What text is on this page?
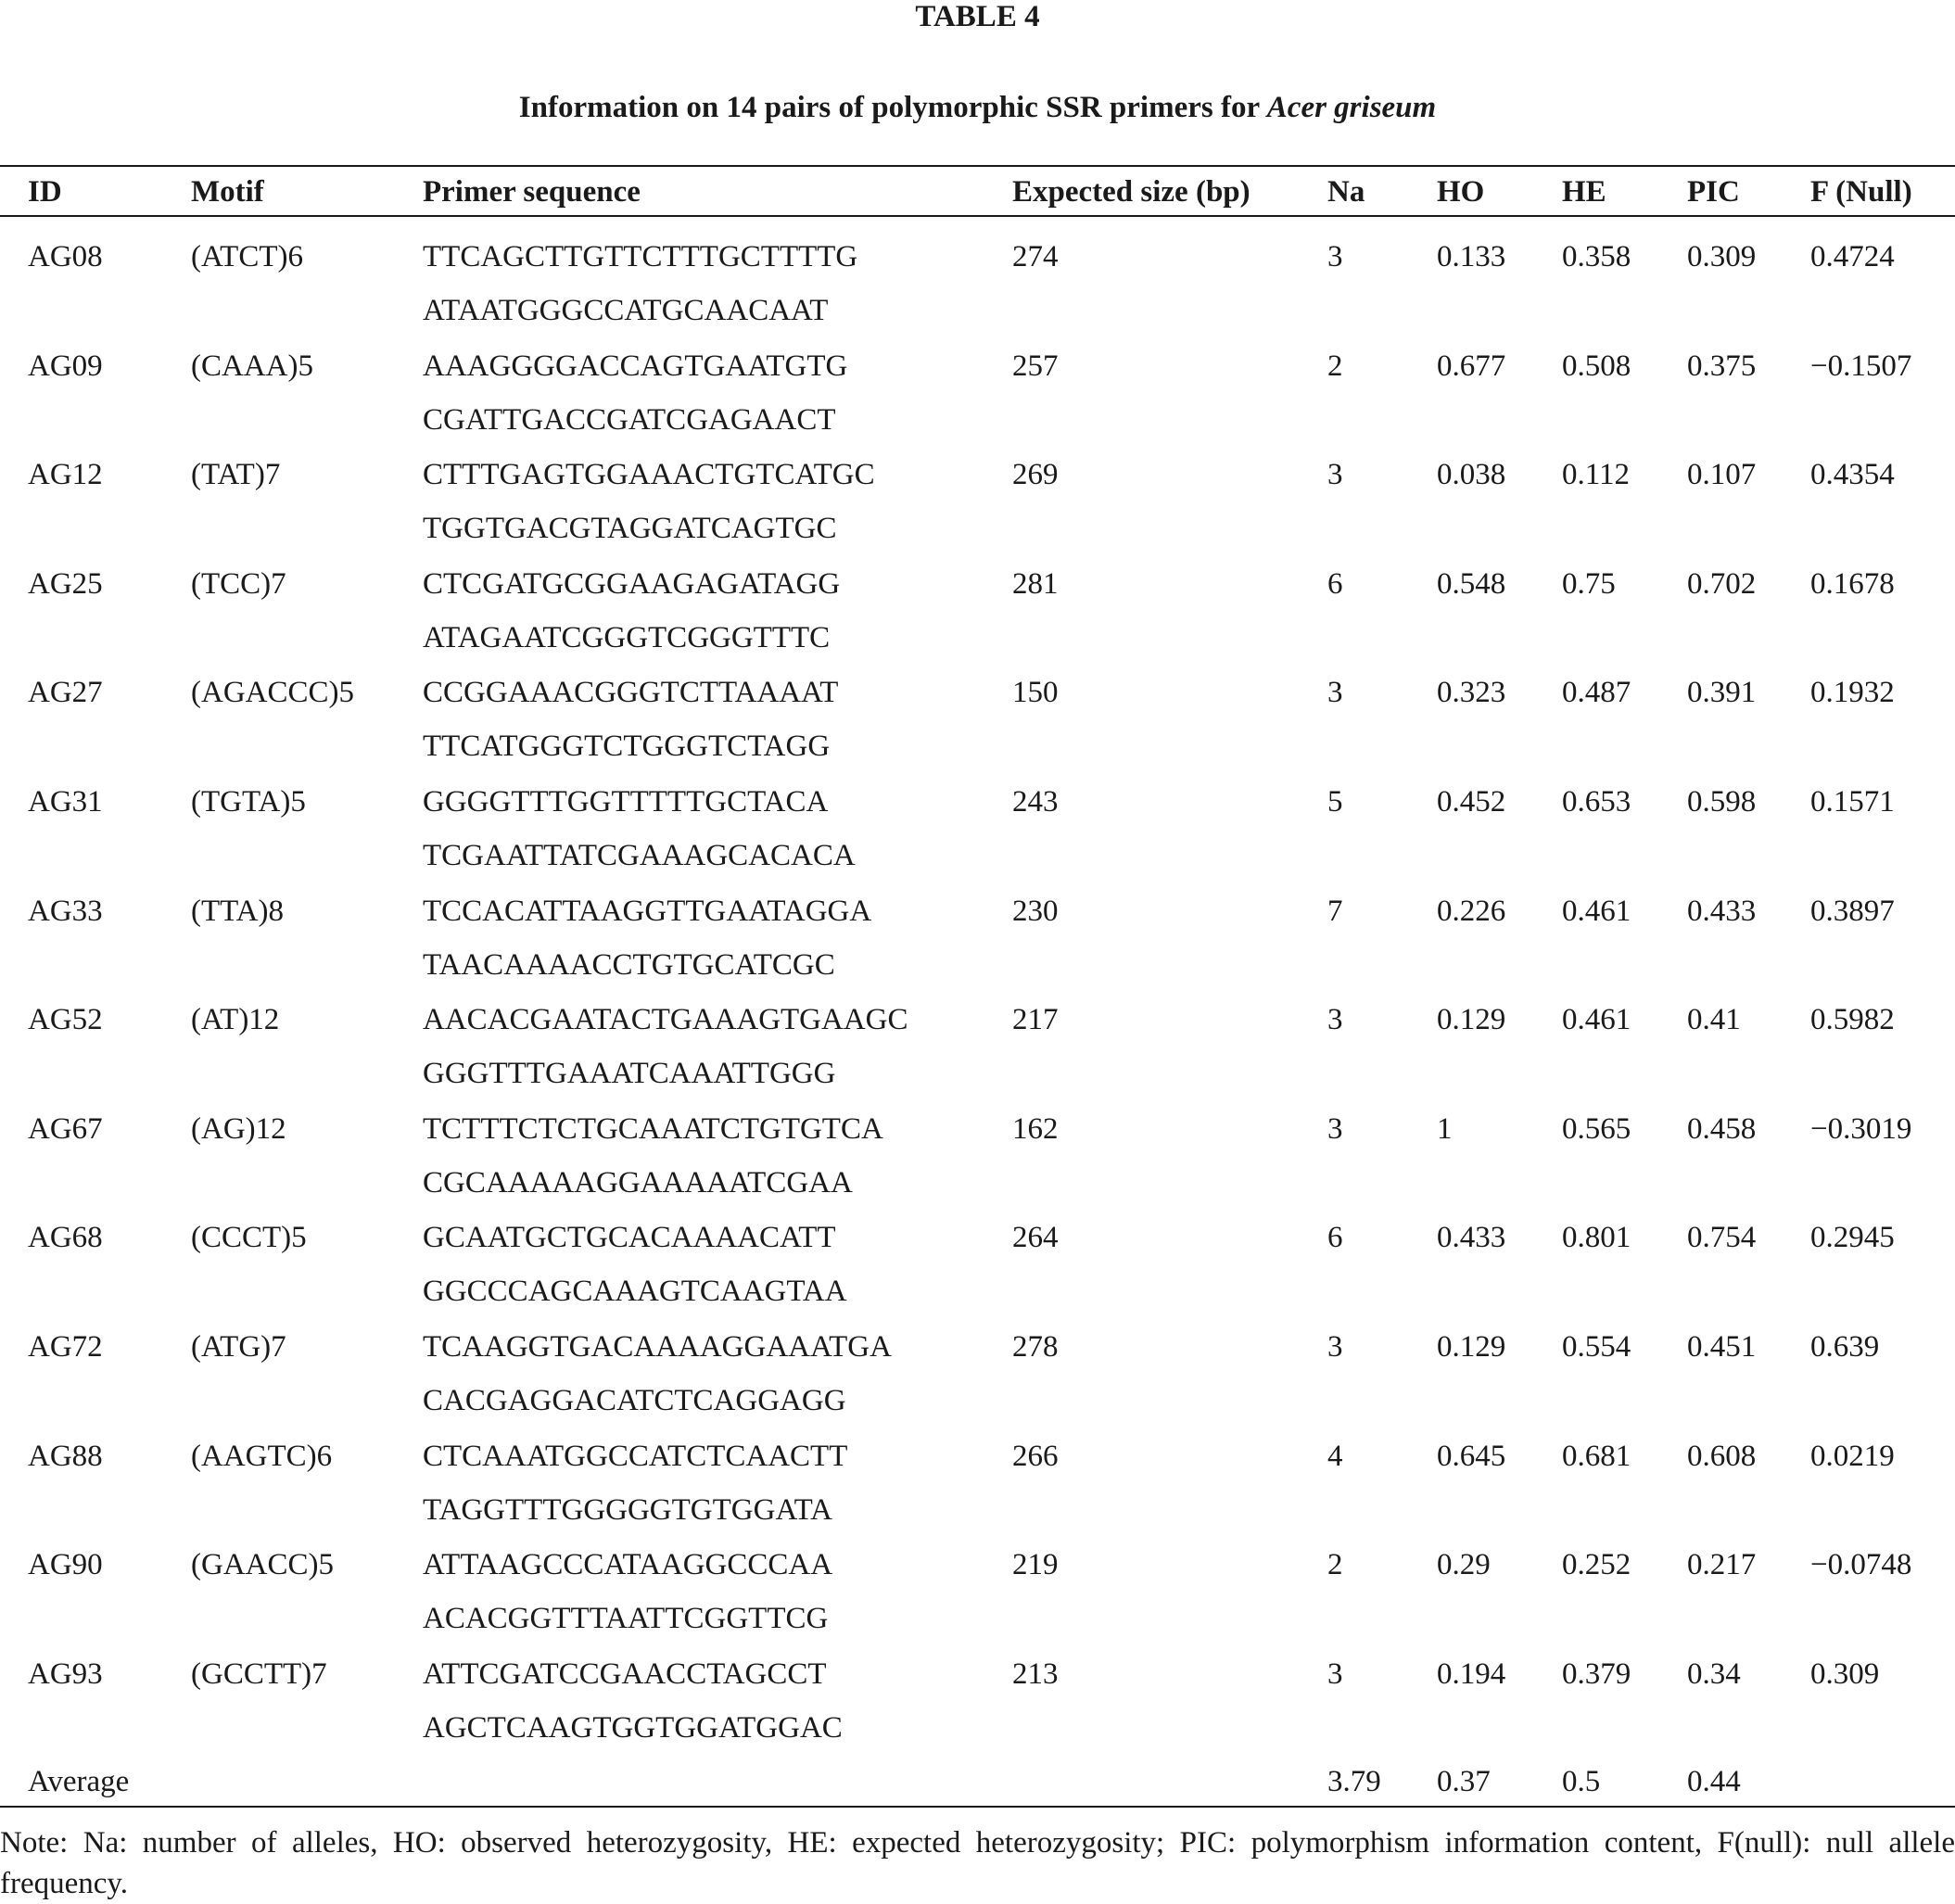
TABLE 4
Information on 14 pairs of polymorphic SSR primers for Acer griseum
ID	Motif	Primer sequence	Expected size (bp)	Na HO	HE	PIC F (Null)
AG08	(ATCT)6	TTCAGCTTGTTCTTTGCTTTTG	274	3	0.133 0.358 0.309 0.4724
ATAATGGGCCATGCAACAAT
AG09	(CAAA)5	AAAGGGGACCAGTGAATGTG	257	2	0.677 0.508 0.375 −0.1507
CGATTGACCGATCGAGAACT
AG12	(TAT)7	CTTTGAGTGGAAACTGTCATGC	269	3	0.038 0.112 0.107 0.4354
TGGTGACGTAGGATCAGTGC
AG25	(TCC)7	CTCGATGCGGAAGAGATAGG	281	6	0.548 0.75 0.702 0.1678
ATAGAATCGGGTCGGGTTTC
AG27	(AGACCC)5 CCGGAAACGGGTCTTAAAAT	150	3	0.323 0.487 0.391 0.1932
TTCATGGGTCTGGGTCTAGG
AG31	(TGTA)5	GGGGTTTGGTTTTTGCTACA	243	5	0.452 0.653 0.598 0.1571
TCGAATTATCGAAAGCACACA
AG33	(TTA)8	TCCACATTAAGGTTGAATAGGA	230	7	0.226 0.461 0.433 0.3897
TAACAAAACCTGTGCATCGC
AG52	(AT)12	AACACGAATACTGAAAGTGAAGC	217	3	0.129 0.461 0.41 0.5982
GGGTTTGAAATCAAATTGGG
AG67	(AG)12	TCTTTCTCTGCAAATCTGTGTCA	162	3	1	0.565 0.458 −0.3019
CGCAAAAAGGAAAAATCGAA
AG68	(CCCT)5	GCAATGCTGCACAAAACATT	264	6	0.433 0.801 0.754 0.2945
GGCCCAGCAAAGTCAAGTAA
AG72	(ATG)7	TCAAGGTGACAAAAGGAAATGA	278	3	0.129 0.554 0.451 0.639
CACGAGGACATCTCAGGAGG
AG88	(AAGTC)6	CTCAAATGGCCATCTCAACTT	266	4	0.645 0.681 0.608 0.0219
TAGGTTTGGGGGTGTGGATA
AG90	(GAACC)5	ATTAAGCCCATAAGGCCCAA	219	2	0.29 0.252 0.217 −0.0748
ACACGGTTTAATTCGGTTCG
AG93	(GCCTT)7	ATTCGATCCGAACCTAGCCT	213	3	0.194 0.379 0.34 0.309
AGCTCAAGTGGTGGATGGAC
Average	3.79 0.37 0.5	0.44
Note: Na: number of alleles, HO: observed heterozygosity, HE: expected heterozygosity; PIC: polymorphism information content, F(null): null allele frequency.
